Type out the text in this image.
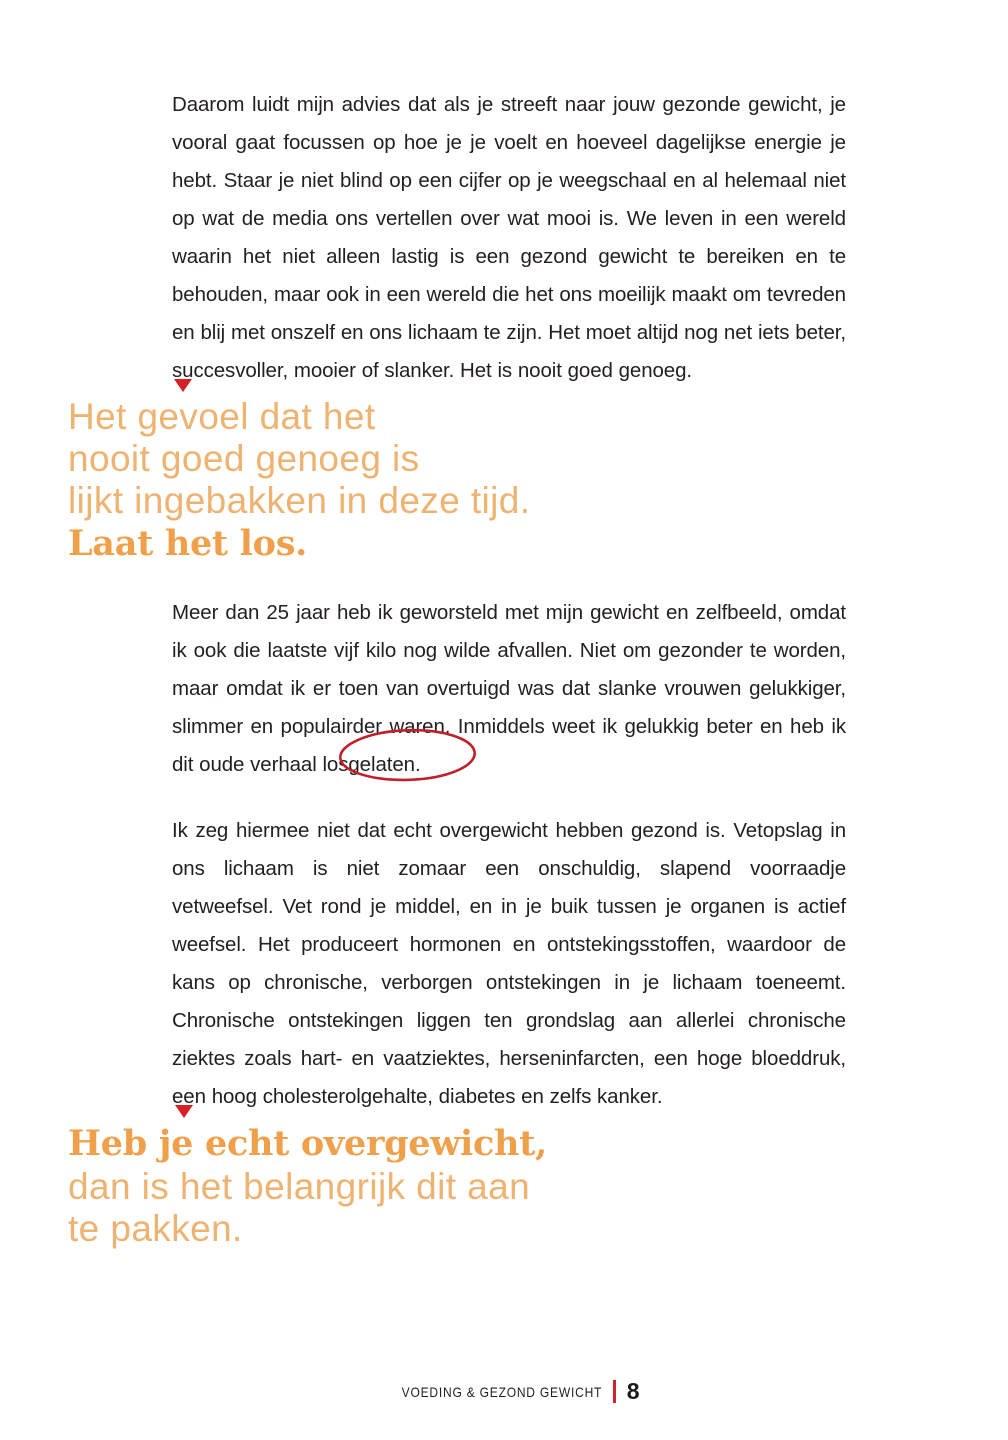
Daarom luidt mijn advies dat als je streeft naar jouw gezonde gewicht, je vooral gaat focussen op hoe je je voelt en hoeveel dagelijkse energie je hebt. Staar je niet blind op een cijfer op je weegschaal en al helemaal niet op wat de media ons vertellen over wat mooi is. We leven in een wereld waarin het niet alleen lastig is een gezond gewicht te bereiken en te behouden, maar ook in een wereld die het ons moeilijk maakt om tevreden en blij met onszelf en ons lichaam te zijn. Het moet altijd nog net iets beter, succesvoller, mooier of slanker. Het is nooit goed genoeg.

Het gevoel dat het
nooit goed genoeg is
lijkt ingebakken in deze tijd.
Laat het los.

Meer dan 25 jaar heb ik geworsteld met mijn gewicht en zelfbeeld, omdat ik ook die laatste vijf kilo nog wilde afvallen. Niet om gezonder te worden, maar omdat ik er toen van overtuigd was dat slanke vrouwen gelukkiger, slimmer en populairder waren. Inmiddels weet ik gelukkig beter en heb ik dit oude verhaal losgelaten.

Ik zeg hiermee niet dat echt overgewicht hebben gezond is. Vetopslag in ons lichaam is niet zomaar een onschuldig, slapend voorraadje vetweefsel. Vet rond je middel, en in je buik tussen je organen is actief weefsel. Het produceert hormonen en ontstekingsstoffen, waardoor de kans op chronische, verborgen ontstekingen in je lichaam toeneemt. Chronische ontstekingen liggen ten grondslag aan allerlei chronische ziektes zoals hart- en vaatziektes, herseninfarcten, een hoge bloeddruk, een hoog cholesterolgehalte, diabetes en zelfs kanker.

Heb je echt overgewicht,
dan is het belangrijk dit aan
te pakken.
VOEDING & GEZOND GEWICHT 8
